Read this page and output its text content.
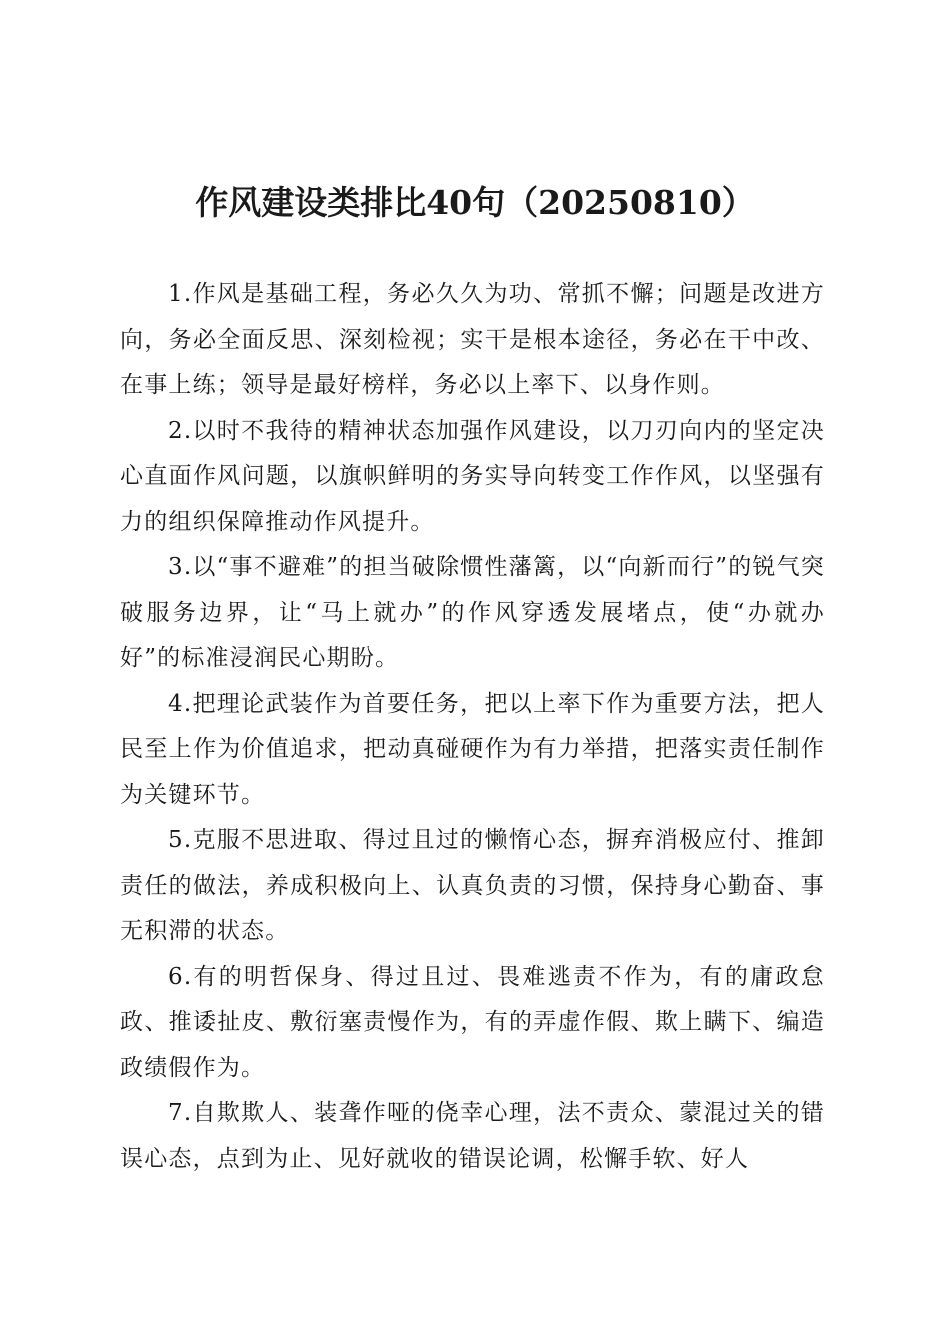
作风建设类排比40句（20250810）

1.作风是基础工程，务必久久为功、常抓不懈；问题是改进方向，务必全面反思、深刻检视；实干是根本途径，务必在干中改、在事上练；领导是最好榜样，务必以上率下、以身作则。

2.以时不我待的精神状态加强作风建设，以刀刃向内的坚定决心直面作风问题，以旗帜鲜明的务实导向转变工作作风，以坚强有力的组织保障推动作风提升。

3.以“事不避难”的担当破除惯性藩篱，以“向新而行”的锐气突破服务边界，让“马上就办”的作风穿透发展堵点，使“办就办好”的标准浸润民心期盼。

4.把理论武装作为首要任务，把以上率下作为重要方法，把人民至上作为价值追求，把动真碰硬作为有力举措，把落实责任制作为关键环节。

5.克服不思进取、得过且过的懒惰心态，摒弃消极应付、推卸责任的做法，养成积极向上、认真负责的习惯，保持身心勤奋、事无积滞的状态。

6.有的明哲保身、得过且过、畏难逃责不作为，有的庸政怠政、推诿扯皮、敷衍塞责慢作为，有的弄虚作假、欺上瞒下、编造政绩假作为。

7.自欺欺人、装聋作哑的侥幸心理，法不责众、蒙混过关的错误心态，点到为止、见好就收的错误论调，松懈手软、好人
